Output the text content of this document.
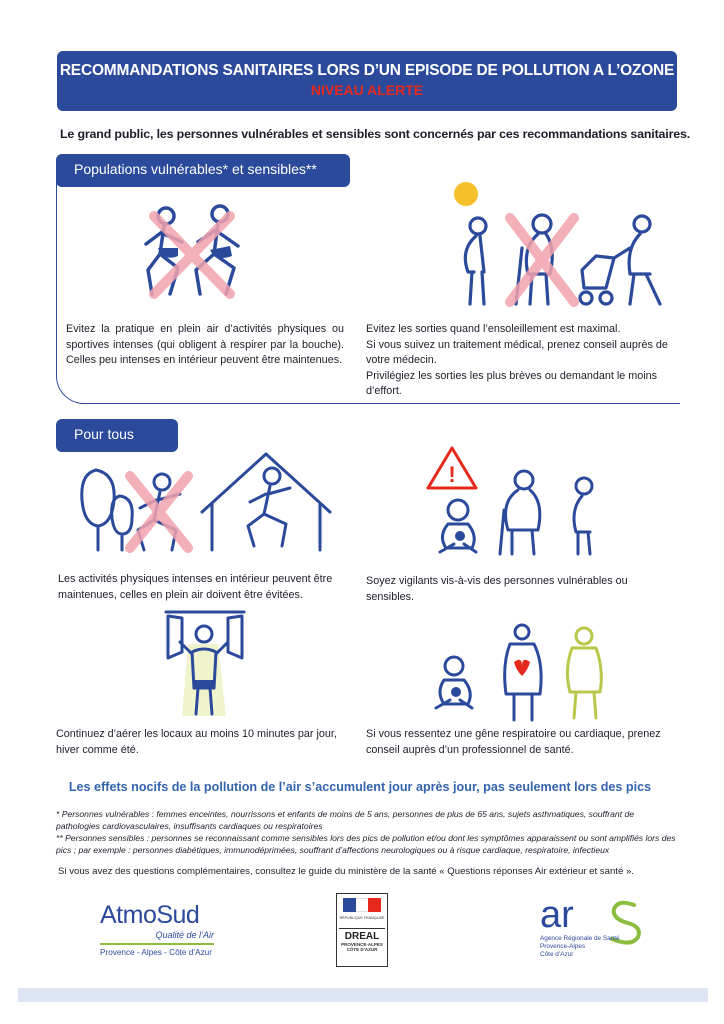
RECOMMANDATIONS SANITAIRES LORS D’UN EPISODE DE POLLUTION A L’OZONE
NIVEAU ALERTE
Le grand public, les personnes vulnérables et sensibles sont concernés par ces recommandations sanitaires.
Populations vulnérables* et sensibles**
Evitez la pratique en plein air d’activités physiques ou sportives intenses (qui obligent à respirer par la bouche). Celles peu intenses en intérieur peuvent être maintenues.
Evitez les sorties quand l’ensoleillement est maximal.
Si vous suivez un traitement médical, prenez conseil auprès de votre médecin.
Privilégiez les sorties les plus brèves ou demandant le moins d’effort.
Pour tous
!
Les activités physiques intenses en intérieur peuvent être maintenues, celles en plein air doivent être évitées.
Soyez vigilants vis-à-vis des personnes vulnérables ou sensibles.
Continuez d’aérer les locaux au moins 10 minutes par jour, hiver comme été.
Si vous ressentez une gêne respiratoire ou cardiaque, prenez conseil auprès d’un professionnel de santé.
Les effets nocifs de la pollution de l’air s’accumulent jour après jour, pas seulement lors des pics
* Personnes vulnérables : femmes enceintes, nourrissons et enfants de moins de 5 ans, personnes de plus de 65 ans, sujets asthmatiques, souffrant de pathologies cardiovasculaires, insuffisants cardiaques ou respiratoires
** Personnes sensibles : personnes se reconnaissant comme sensibles lors des pics de pollution et/ou dont les symptômes apparaissent ou sont amplifiés lors des pics ; par exemple : personnes diabétiques, immunodéprimées, souffrant d’affections neurologiques ou à risque cardiaque, respiratoire, infectieux
Si vous avez des questions complémentaires, consultez le guide du ministère de la santé « Questions réponses Air extérieur et santé ».
AtmoSud
Qualité de l’Air
Provence - Alpes - Côte d’Azur
RÉPUBLIQUE FRANÇAISE
DREAL
PROVENCE-ALPES
CÔTE D’AZUR
ar
Agence Régionale de Santé
Provence-Alpes
Côte d’Azur
